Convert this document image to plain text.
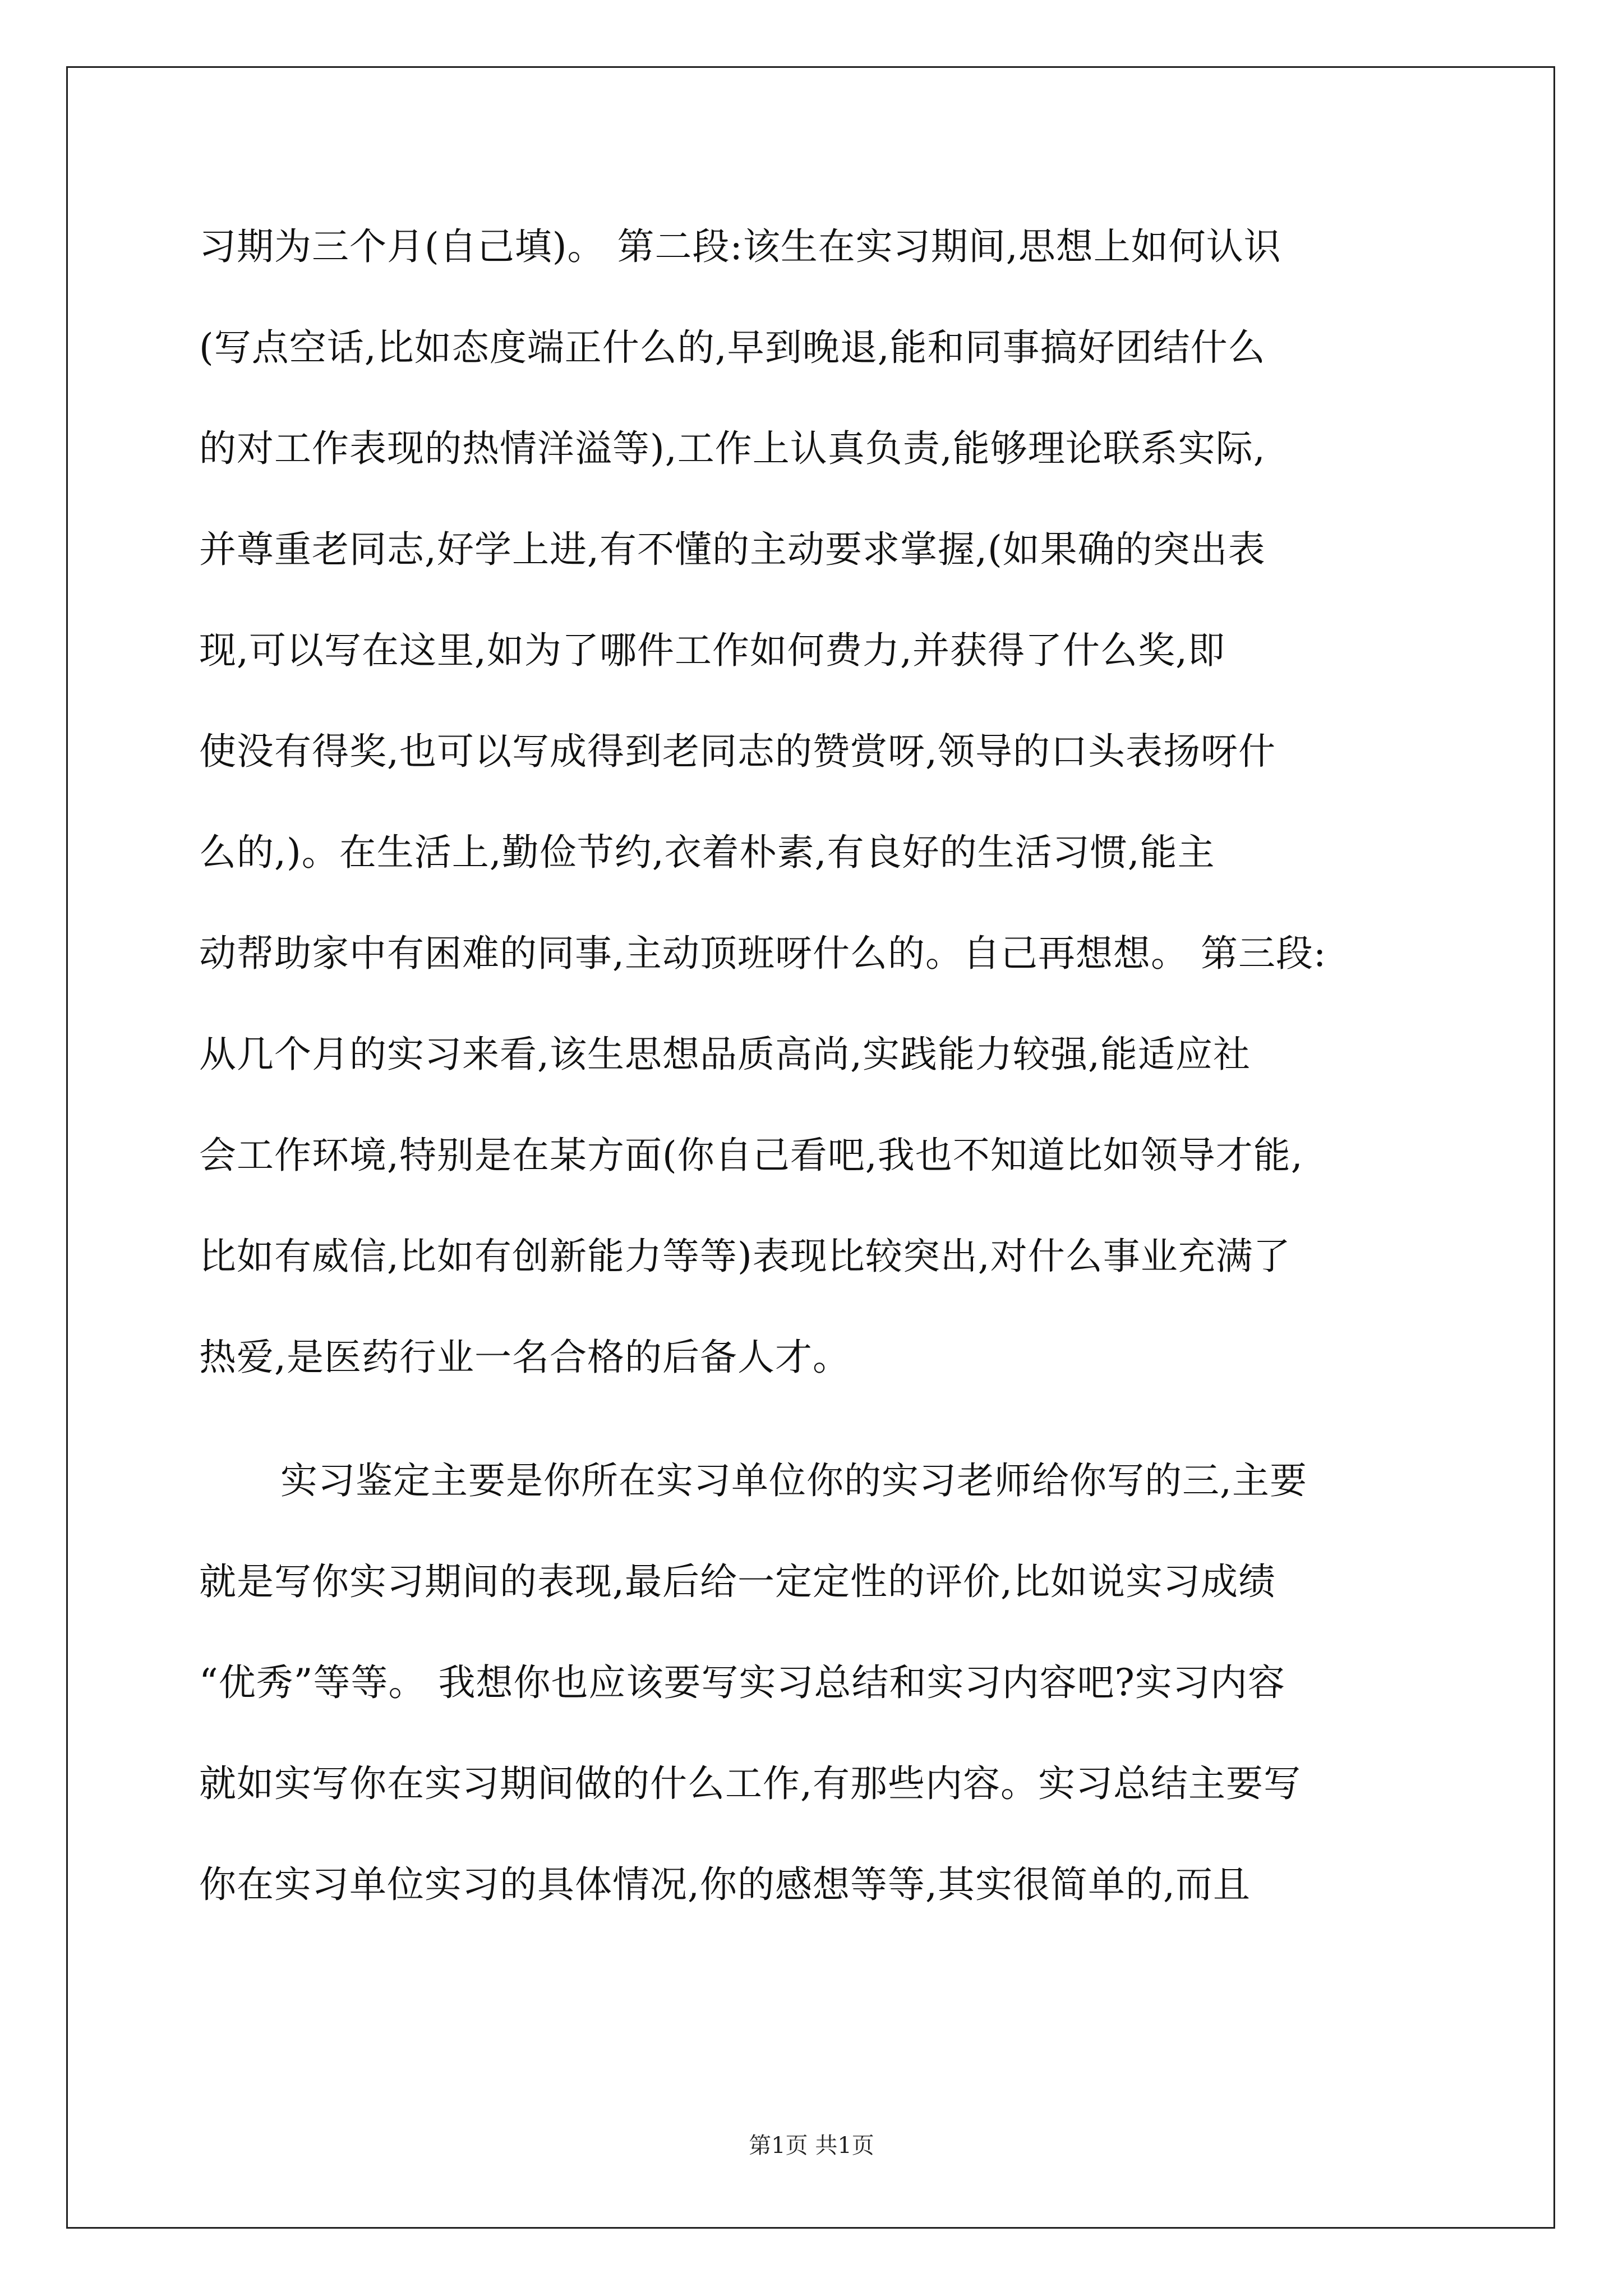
习期为三个月(自己填)。 第二段:该生在实习期间,思想上如何认识
(写点空话,比如态度端正什么的,早到晚退,能和同事搞好团结什么
的对工作表现的热情洋溢等),工作上认真负责,能够理论联系实际,
并尊重老同志,好学上进,有不懂的主动要求掌握,(如果确的突出表
现,可以写在这里,如为了哪件工作如何费力,并获得了什么奖,即
使没有得奖,也可以写成得到老同志的赞赏呀,领导的口头表扬呀什
么的,)。在生活上,勤俭节约,衣着朴素,有良好的生活习惯,能主
动帮助家中有困难的同事,主动顶班呀什么的。自己再想想。 第三段:
从几个月的实习来看,该生思想品质高尚,实践能力较强,能适应社
会工作环境,特别是在某方面(你自己看吧,我也不知道比如领导才能,
比如有威信,比如有创新能力等等)表现比较突出,对什么事业充满了
热爱,是医药行业一名合格的后备人才。
实习鉴定主要是你所在实习单位你的实习老师给你写的三,主要
就是写你实习期间的表现,最后给一定定性的评价,比如说实习成绩
“优秀”等等。 我想你也应该要写实习总结和实习内容吧?实习内容
就如实写你在实习期间做的什么工作,有那些内容。实习总结主要写
你在实习单位实习的具体情况,你的感想等等,其实很简单的,而且
第1页 共1页
